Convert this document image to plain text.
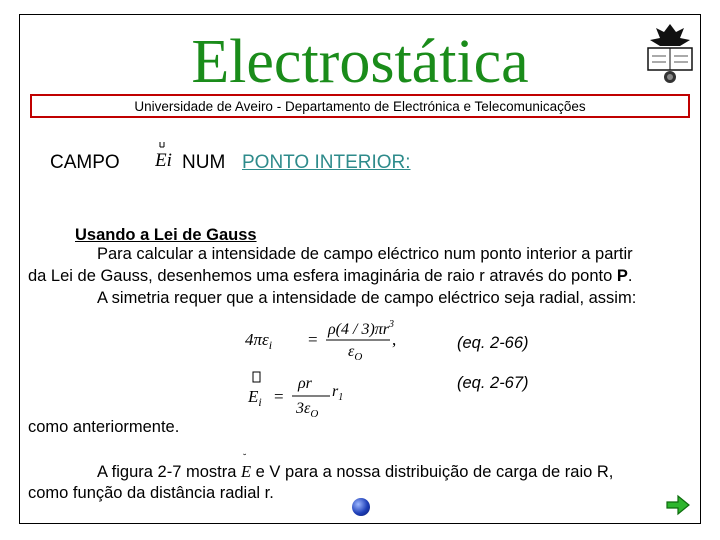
Electrostática
Universidade de Aveiro - Departamento de Electrónica e Telecomunicações
CAMPO Ei NUM PONTO INTERIOR:
Usando a Lei de Gauss
Para calcular a intensidade de campo eléctrico num ponto interior a partir
da Lei de Gauss, desenhemos uma esfera imaginária de raio r através do ponto P.
A simetria requer que a intensidade de campo eléctrico seja radial, assim:
$4\pi\varepsilon_i$ =
$\rho(4 / 3)\pi r^3$
$\varepsilon_O$
,	(eq. 2-66)
$E_i$ =
ρr
$3\varepsilon_O$
$r_1$
(eq. 2-67)
como anteriormente.
A figura 2-7 mostra
˘
E e V para a nossa distribuição de carga de raio R,
como função da distância radial r.
